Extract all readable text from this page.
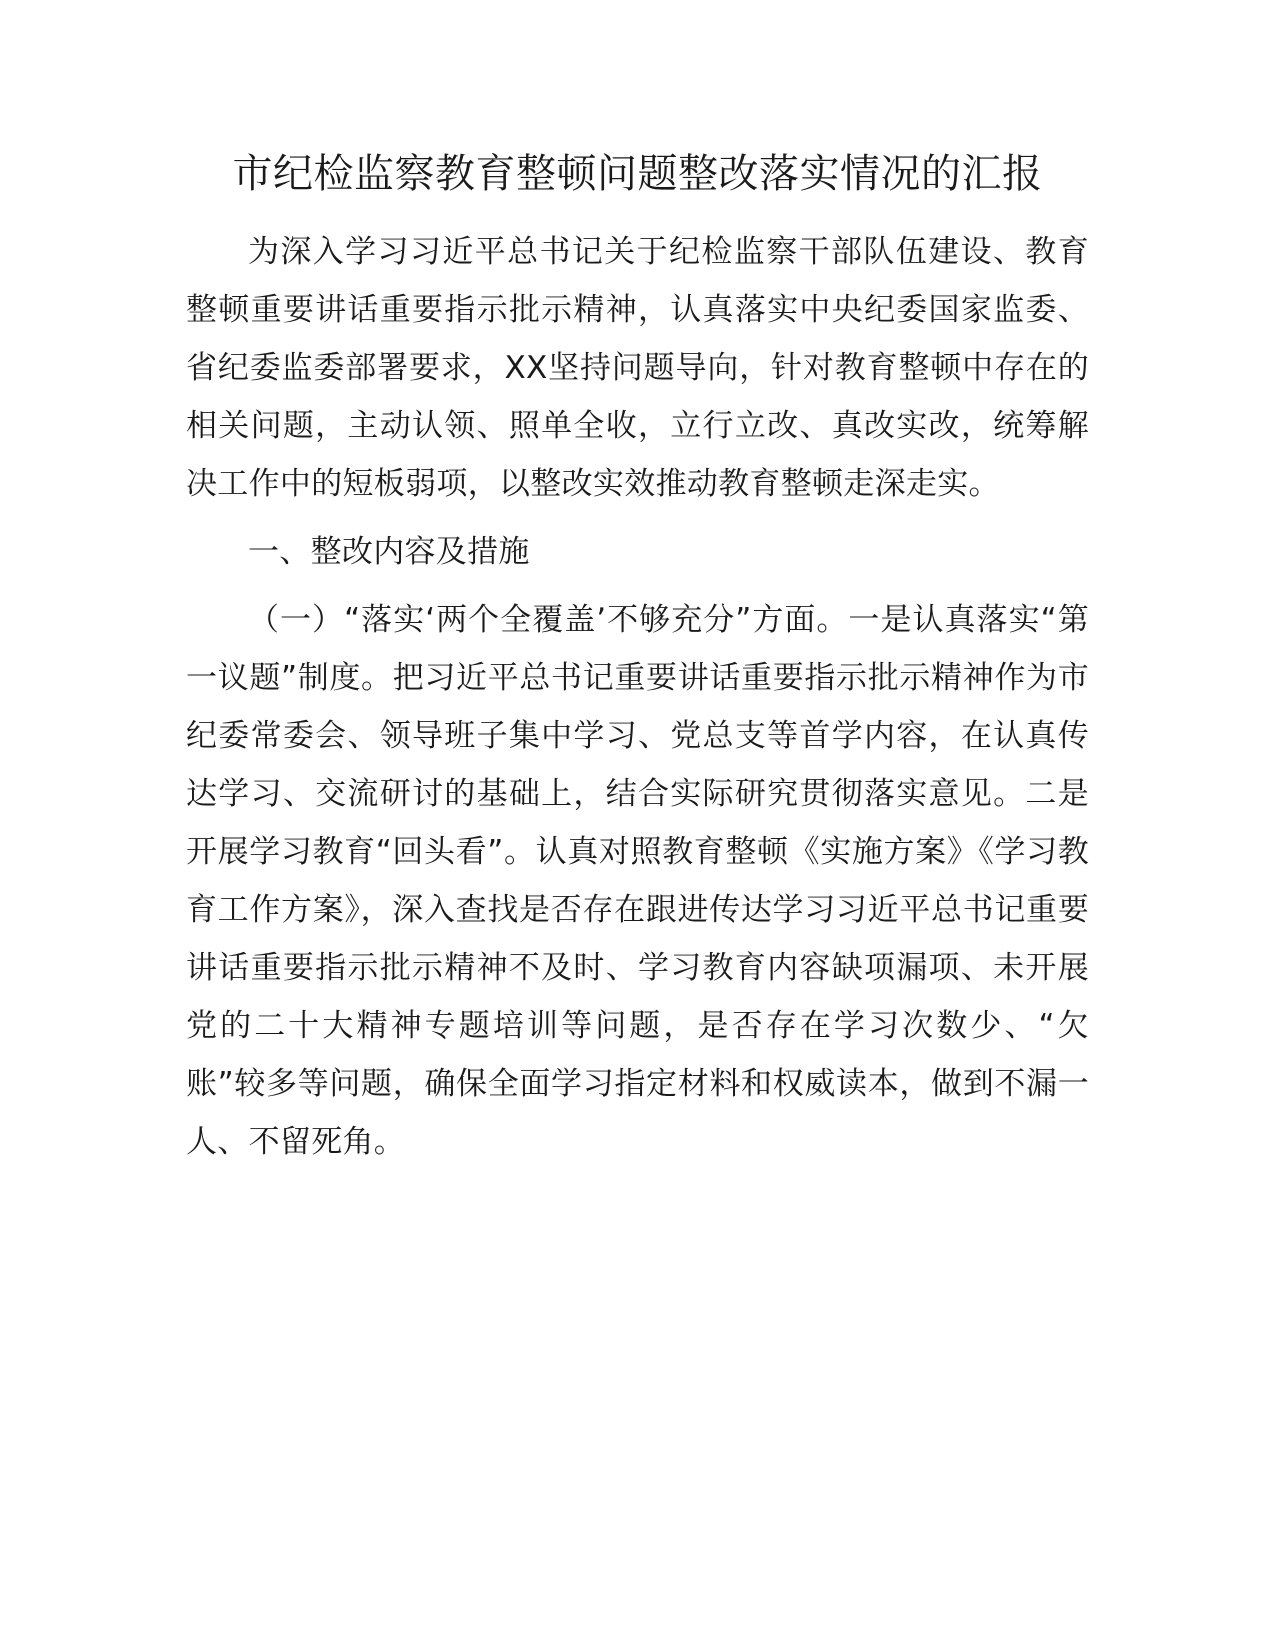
市纪检监察教育整顿问题整改落实情况的汇报

为深入学习习近平总书记关于纪检监察干部队伍建设、教育整顿重要讲话重要指示批示精神，认真落实中央纪委国家监委、省纪委监委部署要求，XX坚持问题导向，针对教育整顿中存在的相关问题，主动认领、照单全收，立行立改、真改实改，统筹解决工作中的短板弱项，以整改实效推动教育整顿走深走实。

一、整改内容及措施

（一）“落实‘两个全覆盖’不够充分”方面。一是认真落实“第一议题”制度。把习近平总书记重要讲话重要指示批示精神作为市纪委常委会、领导班子集中学习、党总支等首学内容，在认真传达学习、交流研讨的基础上，结合实际研究贯彻落实意见。二是开展学习教育“回头看”。认真对照教育整顿《实施方案》《学习教育工作方案》，深入查找是否存在跟进传达学习习近平总书记重要讲话重要指示批示精神不及时、学习教育内容缺项漏项、未开展党的二十大精神专题培训等问题，是否存在学习次数少、“欠账”较多等问题，确保全面学习指定材料和权威读本，做到不漏一人、不留死角。
